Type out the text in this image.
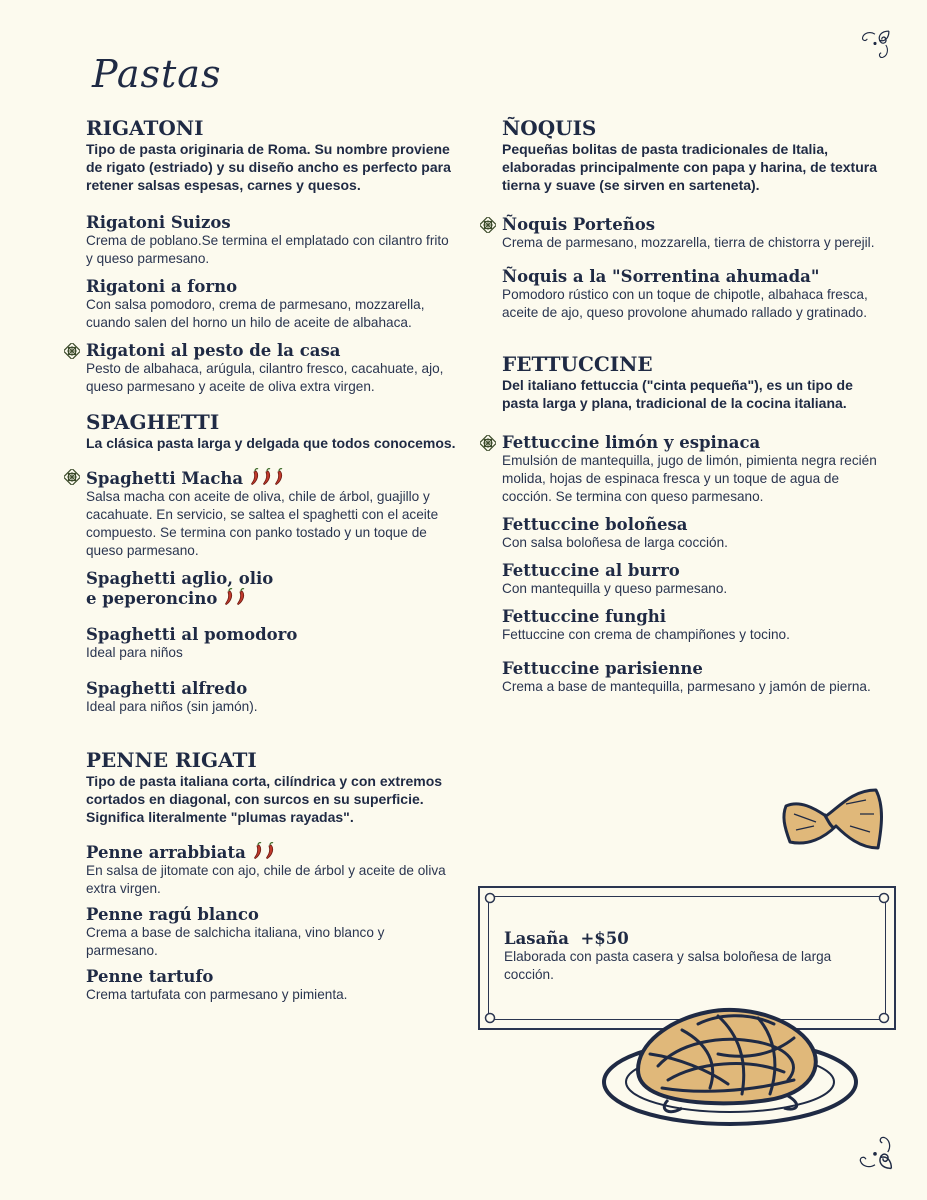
Pastas
RIGATONI

Tipo de pasta originaria de Roma. Su nombre proviene de rigato (estriado) y su diseño ancho es perfecto para retener salsas espesas, carnes y quesos.

Rigatoni Suizos
Crema de poblano.Se termina el emplatado con cilantro frito y queso parmesano.
Rigatoni a forno
Con salsa pomodoro, crema de parmesano, mozzarella, cuando salen del horno un hilo de aceite de albahaca.
Rigatoni al pesto de la casa
Pesto de albahaca, arúgula, cilantro fresco, cacahuate, ajo, queso parmesano y aceite de oliva extra virgen.
SPAGHETTI

La clásica pasta larga y delgada que todos conocemos.

Spaghetti Macha
Salsa macha con aceite de oliva, chile de árbol, guajillo y cacahuate. En servicio, se saltea el spaghetti con el aceite compuesto. Se termina con panko tostado y un toque de queso parmesano.
Spaghetti aglio, olio
e peperoncino
Spaghetti al pomodoro
Ideal para niños
Spaghetti alfredo
Ideal para niños (sin jamón).
PENNE RIGATI

Tipo de pasta italiana corta, cilíndrica y con extremos cortados en diagonal, con surcos en su superficie. Significa literalmente "plumas rayadas".

Penne arrabbiata
En salsa de jitomate con ajo, chile de árbol y aceite de oliva extra virgen.
Penne ragú blanco
Crema a base de salchicha italiana, vino blanco y parmesano.
Penne tartufo
Crema tartufata con parmesano y pimienta.
ÑOQUIS

Pequeñas bolitas de pasta tradicionales de Italia, elaboradas principalmente con papa y harina, de textura tierna y suave (se sirven en sarteneta).

Ñoquis Porteños
Crema de parmesano, mozzarella, tierra de chistorra y perejil.
Ñoquis a la "Sorrentina ahumada"
Pomodoro rústico con un toque de chipotle, albahaca fresca, aceite de ajo, queso provolone ahumado rallado y gratinado.
FETTUCCINE

Del italiano fettuccia ("cinta pequeña"), es un tipo de pasta larga y plana, tradicional de la cocina italiana.

Fettuccine limón y espinaca
Emulsión de mantequilla, jugo de limón, pimienta negra recién molida, hojas de espinaca fresca y un toque de agua de cocción. Se termina con queso parmesano.
Fettuccine boloñesa
Con salsa boloñesa de larga cocción.
Fettuccine al burro
Con mantequilla y queso parmesano.
Fettuccine funghi
Fettuccine con crema de champiñones y tocino.
Fettuccine parisienne
Crema a base de mantequilla, parmesano y jamón de pierna.
Lasaña  +$50
Elaborada con pasta casera y salsa boloñesa de larga cocción.
